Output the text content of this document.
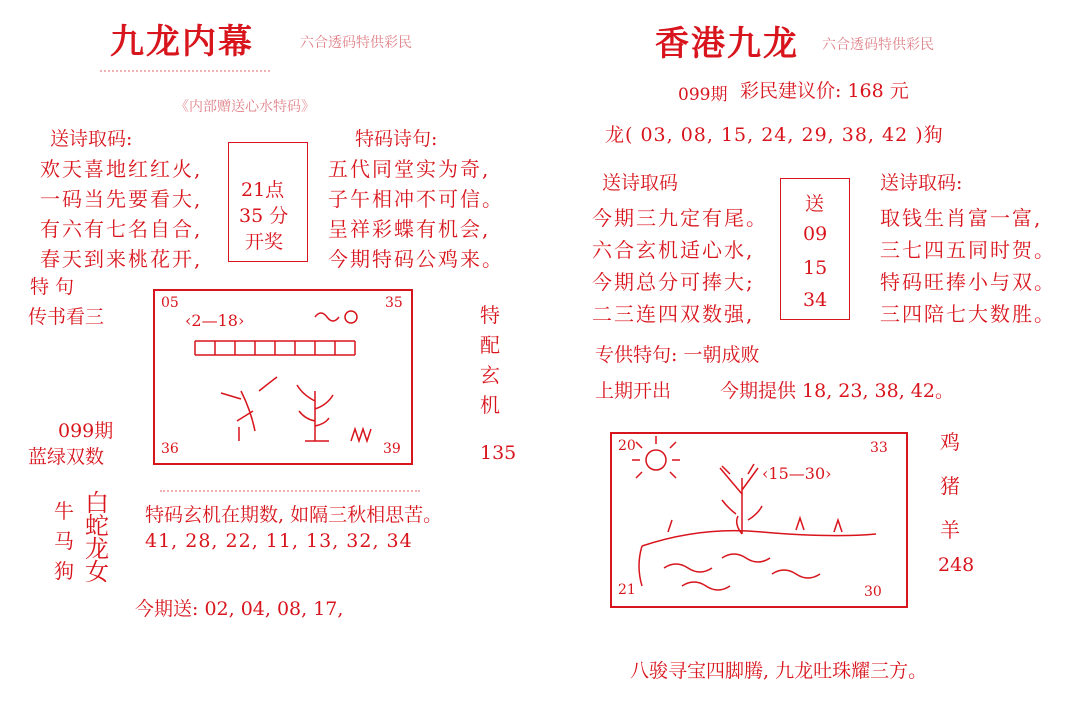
九龙内幕	六合透码特供彩民
《内部赠送心水特码》
送诗取码:	特码诗句:
欢天喜地红红火,
一码当先要看大,
有六有七名自合,
春天到来桃花开,
21点
35 分
开奖
五代同堂实为奇,
子午相冲不可信。
呈祥彩蝶有机会,
今期特码公鸡来。
特 句
传书看三
05	35
‹2—18›
36	39
099期
蓝绿双数
特
配
玄
机
135
牛
马
狗
白
蛇
龙
女
特码玄机在期数, 如隔三秋相思苦。
41, 28, 22, 11, 13, 32, 34
今期送: 02, 04, 08, 17,
香港九龙 六合透码特供彩民
099期 彩民建议价: 168 元
龙( 03, 08, 15, 24, 29, 38, 42 )狗
送诗取码	送诗取码:
今期三九定有尾。
六合玄机适心水,
今期总分可捧大;
二三连四双数强,
送
09
15
34
取钱生肖富一富,
三七四五同时贺。
特码旺捧小与双。
三四陪七大数胜。
专供特句: 一朝成败
上期开出	今期提供 18, 23, 38, 42。
20	33
‹15—30›
21	30
鸡
猪
羊
248
八骏寻宝四脚腾, 九龙吐珠耀三方。
